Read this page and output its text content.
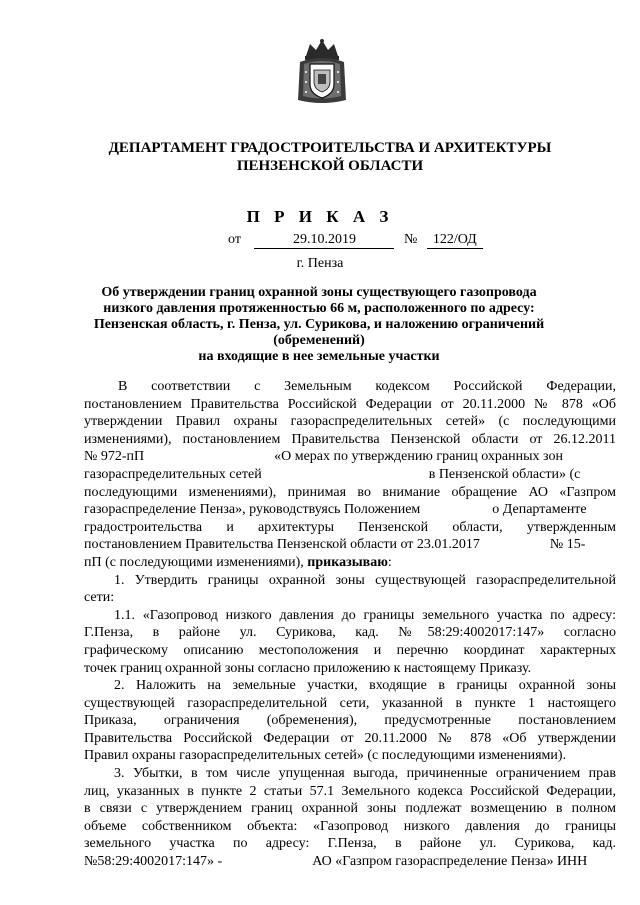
ДЕПАРТАМЕНТ ГРАДОСТРОИТЕЛЬСТВА И АРХИТЕКТУРЫ
ПЕНЗЕНСКОЙ ОБЛАСТИ
П Р И К А З
от	29.10.2019	№ 122/ОД
г. Пенза
Об утверждении границ охранной зоны существующего газопровода
низкого давления протяженностью 66 м, расположенного по адресу:
Пензенская область, г. Пенза, ул. Сурикова, и наложению ограничений
(обременений)
на входящие в нее земельные участки

В соответствии с Земельным кодексом Российской Федерации,

постановлением Правительства Российской Федерации от 20.11.2000 № 878 «Об

утверждении Правил охраны газораспределительных сетей» (с последующими

изменениями), постановлением Правительства Пензенской области от 26.12.2011

№ 972-пП	«О мерах по утверждению границ охранных зон

газораспределительных сетей	в Пензенской области» (с

последующими изменениями), принимая во внимание обращение АО «Газпром

газораспределение Пенза», руководствуясь Положением	о Департаменте

градостроительства и архитектуры Пензенской области, утвержденным

постановлением Правительства Пензенской области от 23.01.2017	№ 15-

пП (с последующими изменениями), приказываю:

1. Утвердить границы охранной зоны существующей газораспределительной

сети:

1.1. «Газопровод низкого давления до границы земельного участка по адресу:

Г.Пенза, в районе ул. Сурикова, кад. №58:29:4002017:147» согласно

графическому описанию местоположения и перечню координат характерных

точек границ охранной зоны согласно приложению к настоящему Приказу.

2. Наложить на земельные участки, входящие в границы охранной зоны

существующей газораспределительной сети, указанной в пункте 1 настоящего

Приказа, ограничения (обременения), предусмотренные постановлением

Правительства Российской Федерации от 20.11.2000 № 878 «Об утверждении

Правил охраны газораспределительных сетей» (с последующими изменениями).

3. Убытки, в том числе упущенная выгода, причиненные ограничением прав

лиц, указанных в пункте 2 статьи 57.1 Земельного кодекса Российской Федерации,

в связи с утверждением границ охранной зоны подлежат возмещению в полном

объеме собственником объекта: «Газопровод низкого давления до границы

земельного участка по адресу: Г.Пенза, в районе ул. Сурикова, кад.

№58:29:4002017:147» -	АО «Газпром газораспределение Пенза» ИНН
